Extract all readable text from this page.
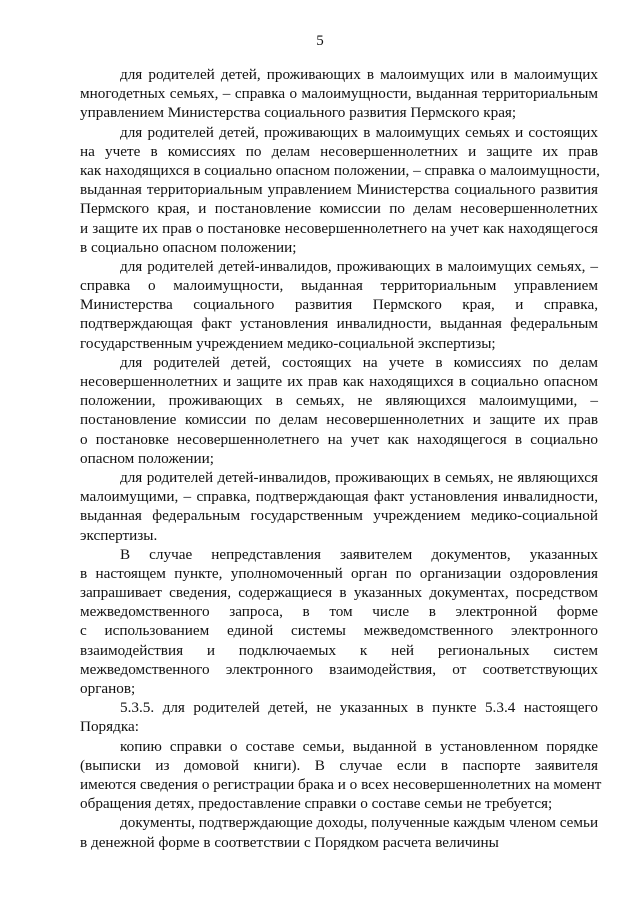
5
для родителей детей, проживающих в малоимущих или в малоимущих
многодетных семьях, – справка о малоимущности, выданная территориальным
управлением Министерства социального развития Пермского края;
для родителей детей, проживающих в малоимущих семьях и состоящих
на учете в комиссиях по делам несовершеннолетних и защите их прав
как находящихся в социально опасном положении, – справка о малоимущности,
выданная территориальным управлением Министерства социального развития
Пермского края, и постановление комиссии по делам несовершеннолетних
и защите их прав о постановке несовершеннолетнего на учет как находящегося
в социально опасном положении;
для родителей детей-инвалидов, проживающих в малоимущих семьях, –
справка о малоимущности, выданная территориальным управлением
Министерства социального развития Пермского края, и справка,
подтверждающая факт установления инвалидности, выданная федеральным
государственным учреждением медико-социальной экспертизы;
для родителей детей, состоящих на учете в комиссиях по делам
несовершеннолетних и защите их прав как находящихся в социально опасном
положении, проживающих в семьях, не являющихся малоимущими, –
постановление комиссии по делам несовершеннолетних и защите их прав
о постановке несовершеннолетнего на учет как находящегося в социально
опасном положении;
для родителей детей-инвалидов, проживающих в семьях, не являющихся
малоимущими, – справка, подтверждающая факт установления инвалидности,
выданная федеральным государственным учреждением медико-социальной
экспертизы.
В случае непредставления заявителем документов, указанных
в настоящем пункте, уполномоченный орган по организации оздоровления
запрашивает сведения, содержащиеся в указанных документах, посредством
межведомственного запроса, в том числе в электронной форме
с использованием единой системы межведомственного электронного
взаимодействия и подключаемых к ней региональных систем
межведомственного электронного взаимодействия, от соответствующих
органов;
5.3.5. для родителей детей, не указанных в пункте 5.3.4 настоящего
Порядка:
копию справки о составе семьи, выданной в установленном порядке
(выписки из домовой книги). В случае если в паспорте заявителя
имеются сведения о регистрации брака и о всех несовершеннолетних на момент
обращения детях, предоставление справки о составе семьи не требуется;
документы, подтверждающие доходы, полученные каждым членом семьи
в денежной форме в соответствии с Порядком расчета величины
